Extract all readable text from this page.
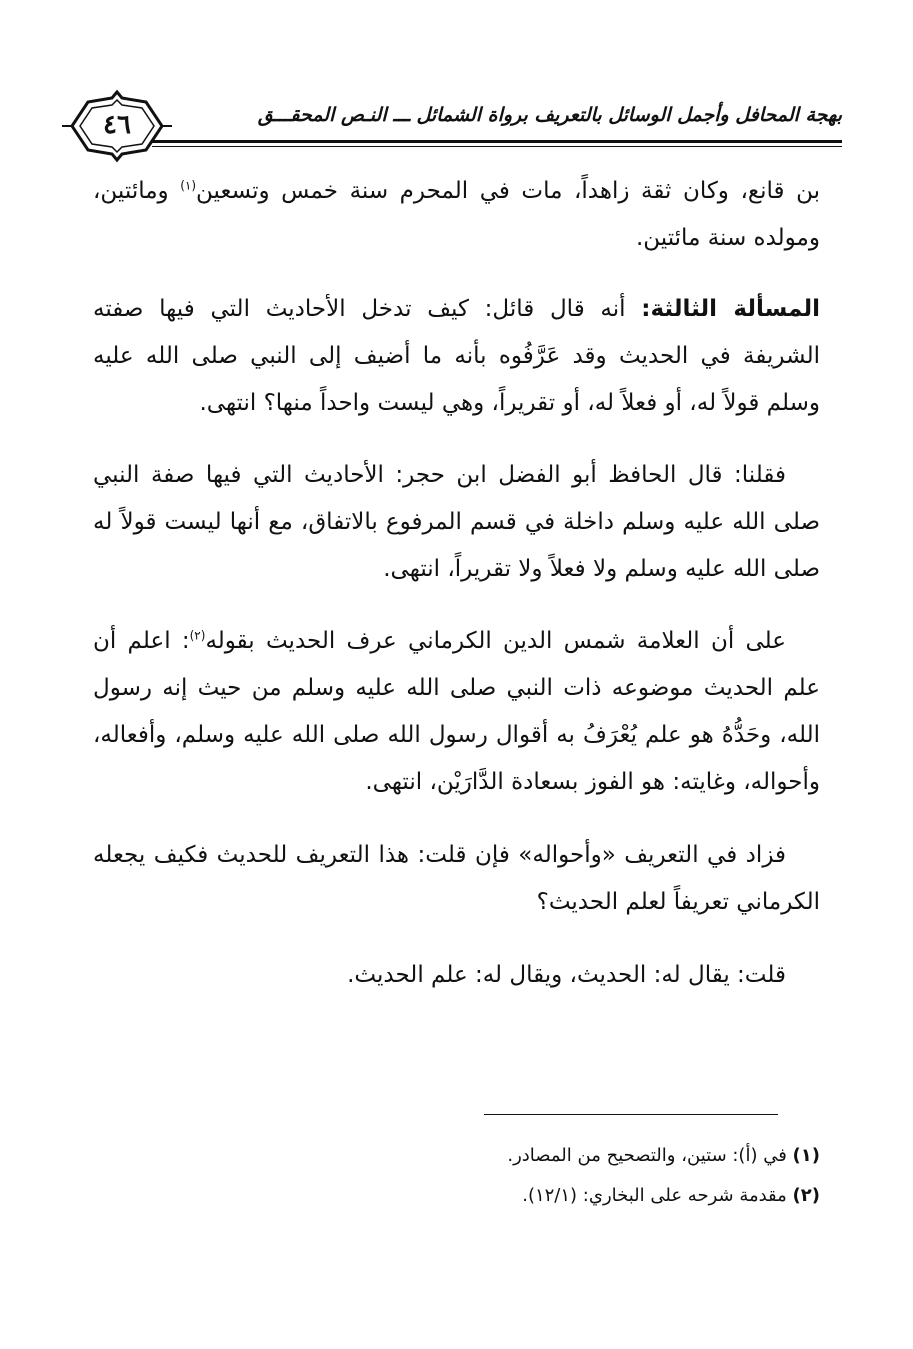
بهجة المحافل وأجمل الوسائل بالتعريف برواة الشمائل ـــ النـص المحقـــق
٤٦

بن قانع، وكان ثقة زاهداً، مات في المحرم سنة خمس وتسعين$^{(١)}$ ومائتين، ومولده سنة مائتين.

المسألة الثالثة: أنه قال قائل: كيف تدخل الأحاديث التي فيها صفته الشريفة في الحديث وقد عَرَّفُوه بأنه ما أضيف إلى النبي صلى الله عليه وسلم قولاً له، أو فعلاً له، أو تقريراً، وهي ليست واحداً منها؟ انتهى.

فقلنا: قال الحافظ أبو الفضل ابن حجر: الأحاديث التي فيها صفة النبي صلى الله عليه وسلم داخلة في قسم المرفوع بالاتفاق، مع أنها ليست قولاً له صلى الله عليه وسلم ولا فعلاً ولا تقريراً، انتهى.

على أن العلامة شمس الدين الكرماني عرف الحديث بقوله$^{(٢)}$: اعلم أن علم الحديث موضوعه ذات النبي صلى الله عليه وسلم من حيث إنه رسول الله، وحَدُّهُ هو علم يُعْرَفُ به أقوال رسول الله صلى الله عليه وسلم، وأفعاله، وأحواله، وغايته: هو الفوز بسعادة الدَّارَيْن، انتهى.

فزاد في التعريف «وأحواله» فإن قلت: هذا التعريف للحديث فكيف يجعله الكرماني تعريفاً لعلم الحديث؟

قلت: يقال له: الحديث، ويقال له: علم الحديث.

(١) في (أ): ستين، والتصحيح من المصادر.

(٢) مقدمة شرحه على البخاري: (١٢/١).
